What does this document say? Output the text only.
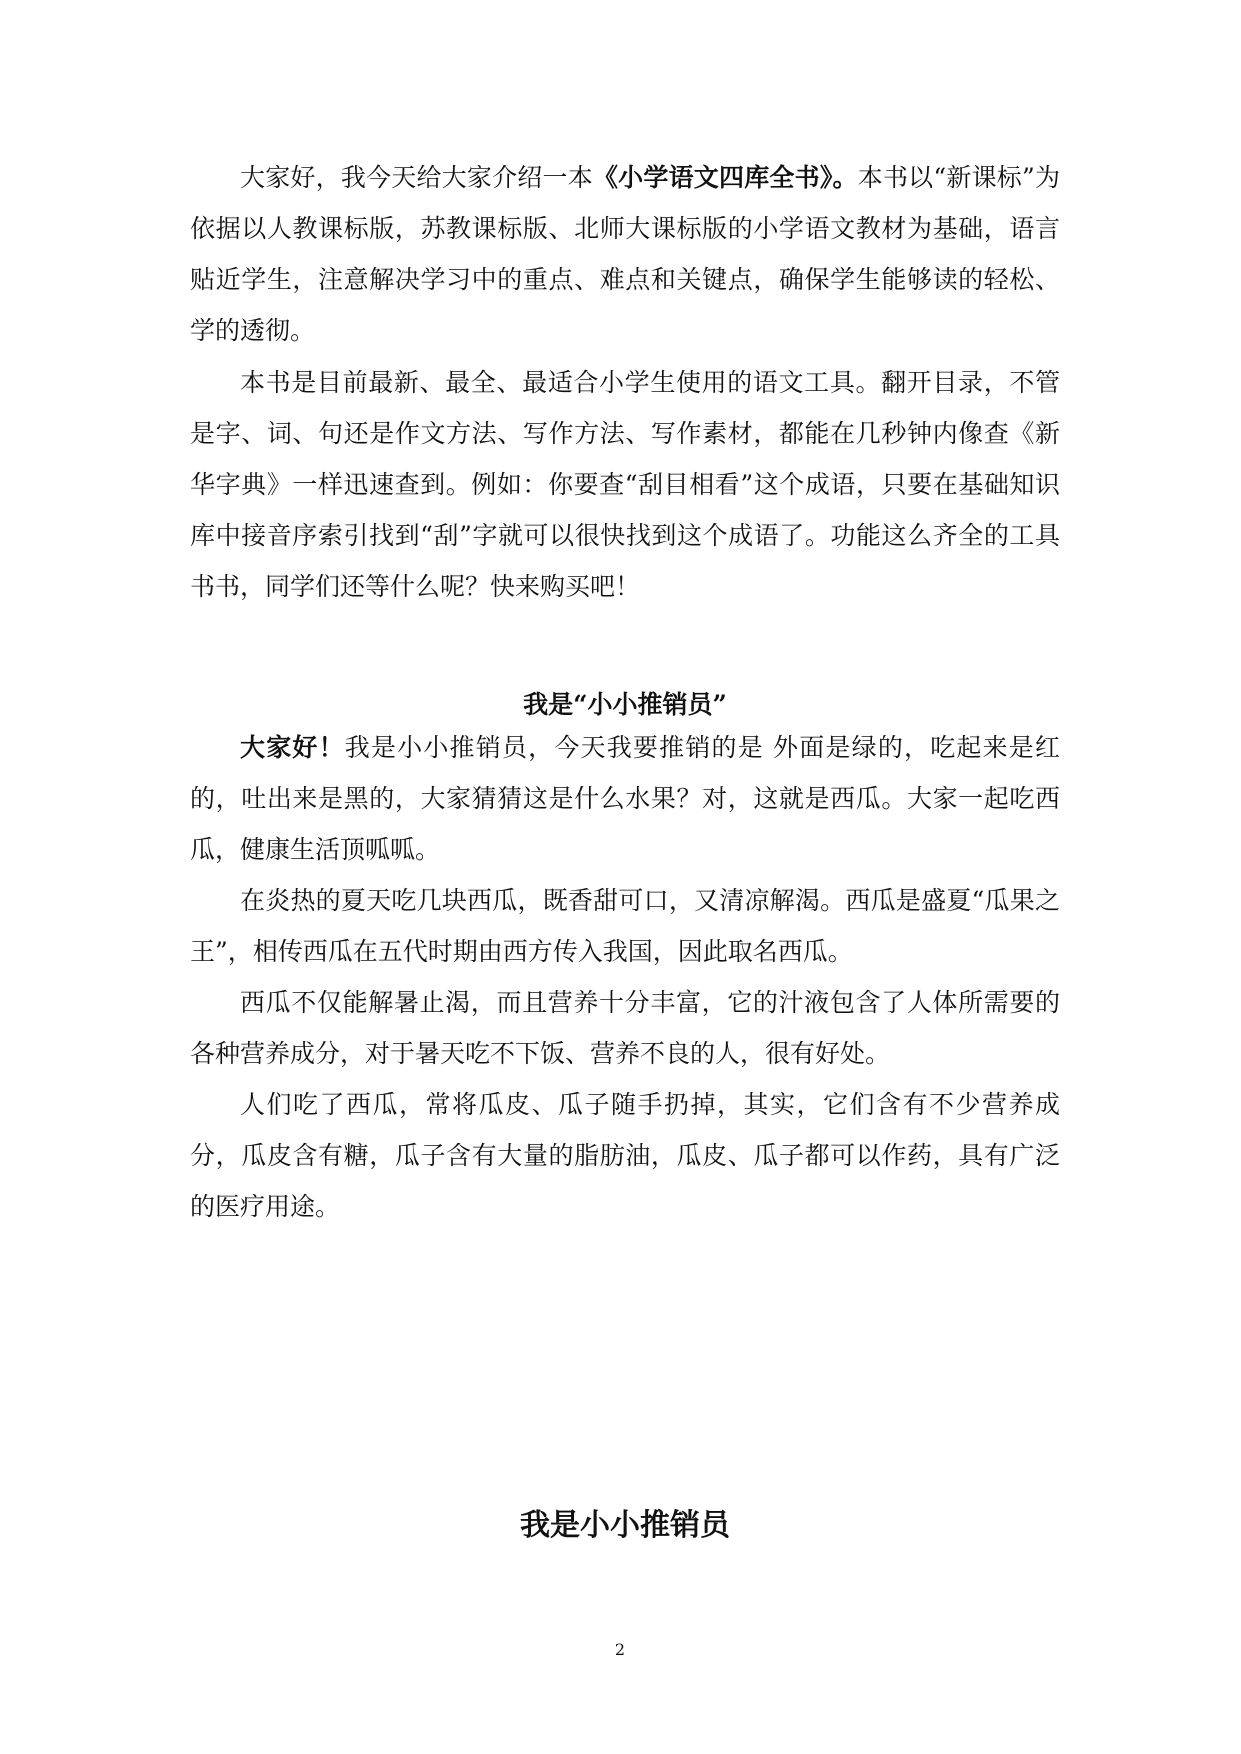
大家好，我今天给大家介绍一本《小学语文四库全书》。本书以“新课标”为依据以人教课标版，苏教课标版、北师大课标版的小学语文教材为基础，语言贴近学生，注意解决学习中的重点、难点和关键点，确保学生能够读的轻松、学的透彻。

本书是目前最新、最全、最适合小学生使用的语文工具。翻开目录，不管是字、词、句还是作文方法、写作方法、写作素材，都能在几秒钟内像查《新华字典》一样迅速查到。例如：你要查“刮目相看”这个成语，只要在基础知识库中接音序索引找到“刮”字就可以很快找到这个成语了。功能这么齐全的工具书书，同学们还等什么呢？快来购买吧！

我是“小小推销员”

大家好！我是小小推销员，今天我要推销的是 外面是绿的，吃起来是红的，吐出来是黑的，大家猜猜这是什么水果？对，这就是西瓜。大家一起吃西瓜，健康生活顶呱呱。

在炎热的夏天吃几块西瓜，既香甜可口，又清凉解渴。西瓜是盛夏“瓜果之王”，相传西瓜在五代时期由西方传入我国，因此取名西瓜。

西瓜不仅能解暑止渴，而且营养十分丰富，它的汁液包含了人体所需要的各种营养成分，对于暑天吃不下饭、营养不良的人，很有好处。

人们吃了西瓜，常将瓜皮、瓜子随手扔掉，其实，它们含有不少营养成分，瓜皮含有糖，瓜子含有大量的脂肪油，瓜皮、瓜子都可以作药，具有广泛的医疗用途。

我是小小推销员
2
